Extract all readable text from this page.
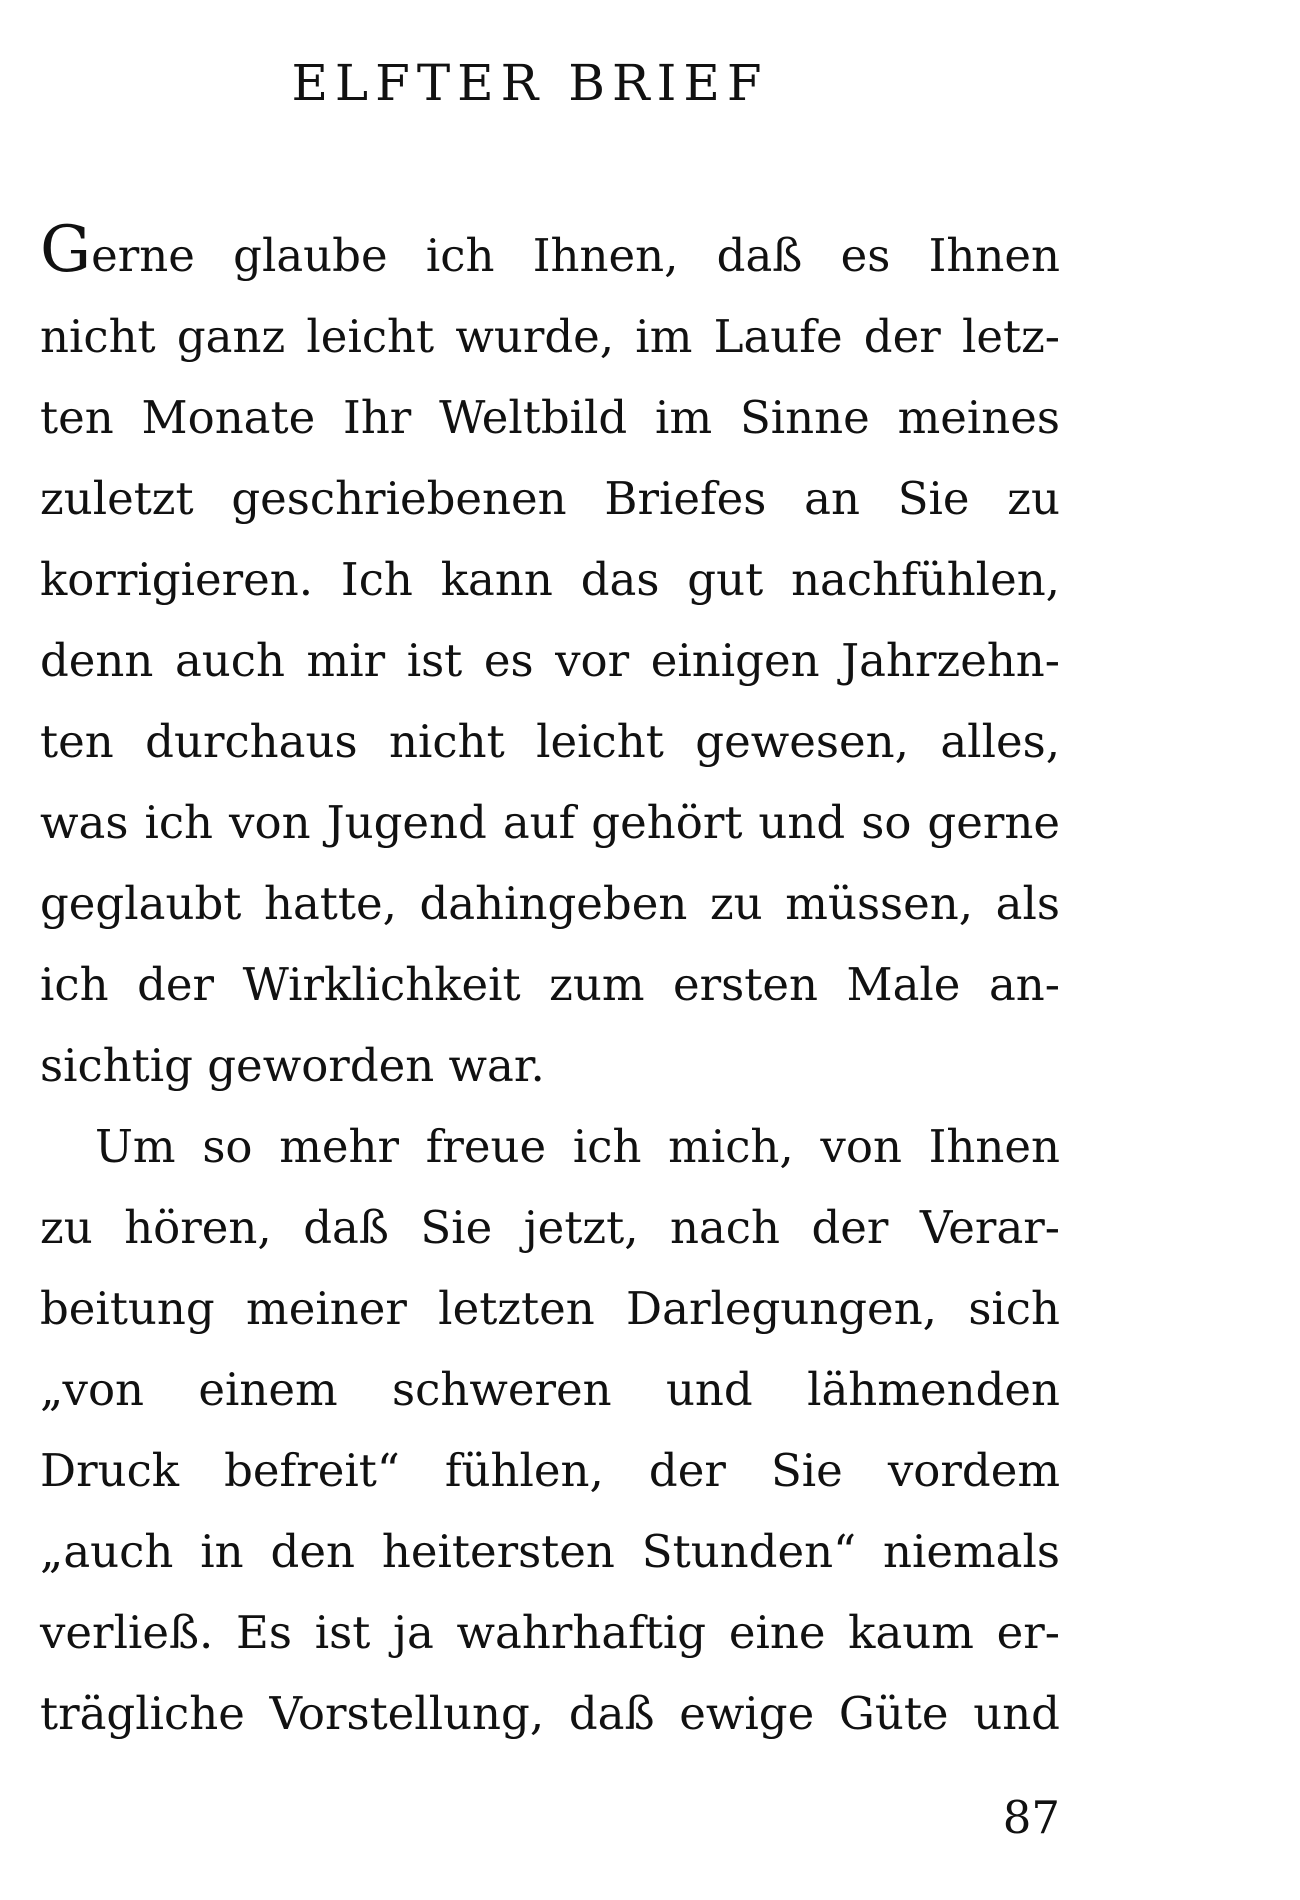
ELFTER BRIEF
Gerne glaube ich Ihnen, daß es Ihnen
nicht ganz leicht wurde, im Laufe der letz-
ten Monate Ihr Weltbild im Sinne meines
zuletzt geschriebenen Briefes an Sie zu
korrigieren. Ich kann das gut nachfühlen,
denn auch mir ist es vor einigen Jahrzehn-
ten durchaus nicht leicht gewesen, alles,
was ich von Jugend auf gehört und so gerne
geglaubt hatte, dahingeben zu müssen, als
ich der Wirklichkeit zum ersten Male an-
sichtig geworden war.
Um so mehr freue ich mich, von Ihnen
zu hören, daß Sie jetzt, nach der Verar-
beitung meiner letzten Darlegungen, sich
„von einem schweren und lähmenden
Druck befreit“ fühlen, der Sie vordem
„auch in den heitersten Stunden“ niemals
verließ. Es ist ja wahrhaftig eine kaum er-
trägliche Vorstellung, daß ewige Güte und
87
